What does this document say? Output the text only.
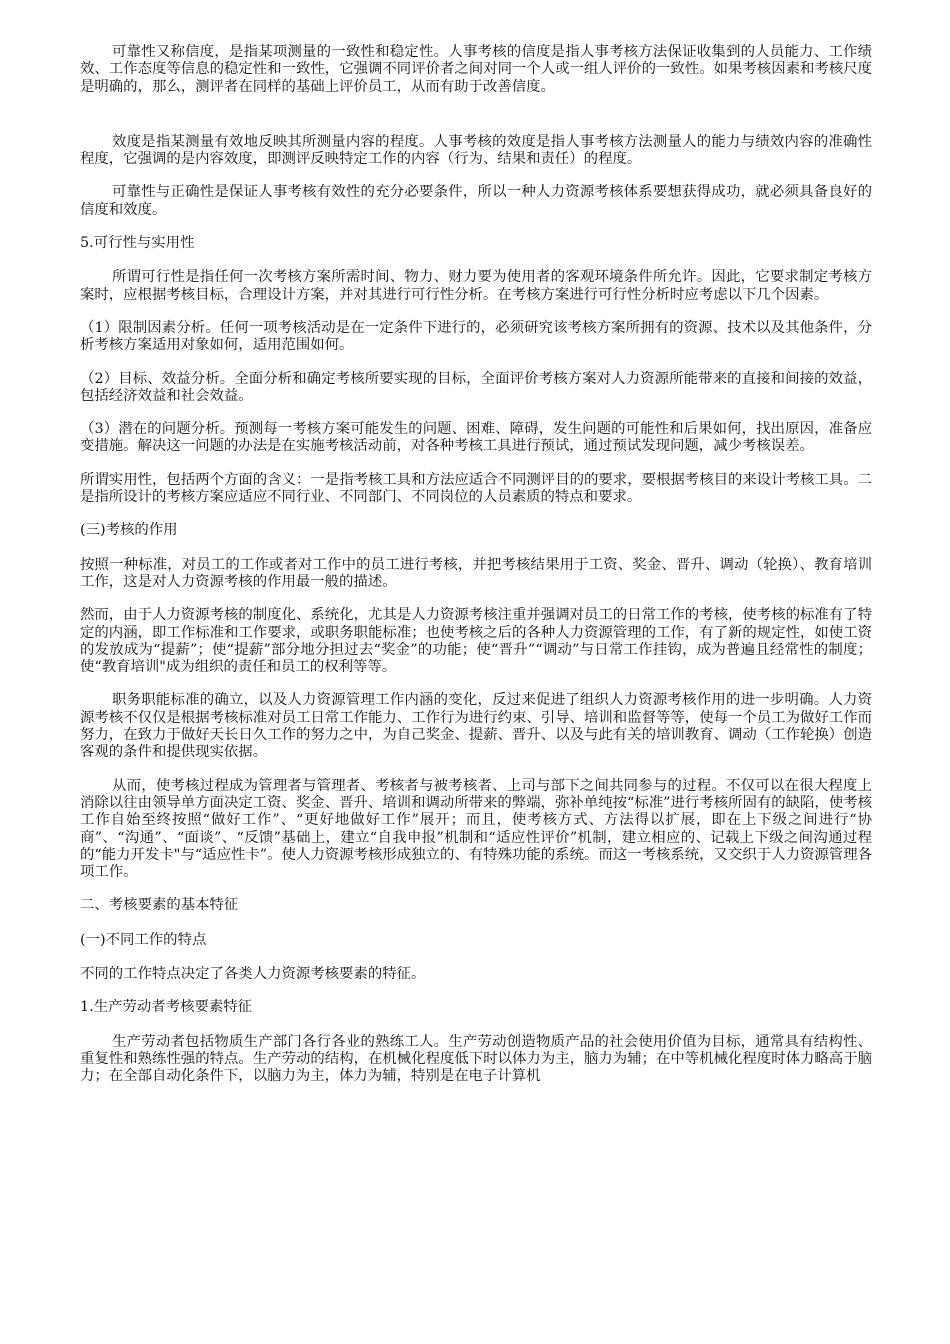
可靠性又称信度，是指某项测量的一致性和稳定性。人事考核的信度是指人事考核方法保证收集到的人员能力、工作绩效、工作态度等信息的稳定性和一致性，它强调不同评价者之间对同一个人或一组人评价的一致性。如果考核因素和考核尺度是明确的，那么，测评者在同样的基础上评价员工，从而有助于改善信度。

效度是指某测量有效地反映其所测量内容的程度。人事考核的效度是指人事考核方法测量人的能力与绩效内容的准确性程度，它强调的是内容效度，即测评反映特定工作的内容（行为、结果和责任）的程度。

可靠性与正确性是保证人事考核有效性的充分必要条件，所以一种人力资源考核体系要想获得成功，就必须具备良好的信度和效度。

5.可行性与实用性

所谓可行性是指任何一次考核方案所需时间、物力、财力要为使用者的客观环境条件所允许。因此，它要求制定考核方案时，应根据考核目标，合理设计方案，并对其进行可行性分析。在考核方案进行可行性分析时应考虑以下几个因素。

（1）限制因素分析。任何一项考核活动是在一定条件下进行的，必须研究该考核方案所拥有的资源、技术以及其他条件，分析考核方案适用对象如何，适用范围如何。

（2）目标、效益分析。全面分析和确定考核所要实现的目标，全面评价考核方案对人力资源所能带来的直接和间接的效益，包括经济效益和社会效益。

（3）潜在的问题分析。预测每一考核方案可能发生的问题、困难、障碍，发生问题的可能性和后果如何，找出原因，准备应变措施。解决这一问题的办法是在实施考核活动前，对各种考核工具进行预试，通过预试发现问题，减少考核误差。

所谓实用性，包括两个方面的含义：一是指考核工具和方法应适合不同测评目的的要求，要根据考核目的来设计考核工具。二是指所设计的考核方案应适应不同行业、不同部门、不同岗位的人员素质的特点和要求。

(三)考核的作用

按照一种标准，对员工的工作或者对工作中的员工进行考核，并把考核结果用于工资、奖金、晋升、调动（轮换）、教育培训工作，这是对人力资源考核的作用最一般的描述。

然而，由于人力资源考核的制度化、系统化，尤其是人力资源考核注重并强调对员工的日常工作的考核，使考核的标准有了特定的内涵，即工作标准和工作要求，或职务职能标准；也使考核之后的各种人力资源管理的工作，有了新的规定性，如使工资的发放成为“提薪”；使“提薪”部分地分担过去“奖金”的功能；使“晋升”“调动”与日常工作挂钩，成为普遍且经常性的制度；使“教育培训"成为组织的责任和员工的权利等等。

职务职能标准的确立，以及人力资源管理工作内涵的变化，反过来促进了组织人力资源考核作用的进一步明确。人力资源考核不仅仅是根据考核标准对员工日常工作能力、工作行为进行约束、引导、培训和监督等等，使每一个员工为做好工作而努力，在致力于做好天长日久工作的努力之中，为自己奖金、提薪、晋升、以及与此有关的培训教育、调动（工作轮换）创造客观的条件和提供现实依据。

从而，使考核过程成为管理者与管理者、考核者与被考核者、上司与部下之间共同参与的过程。不仅可以在很大程度上消除以往由领导单方面决定工资、奖金、晋升、培训和调动所带来的弊端，弥补单纯按“标准”进行考核所固有的缺陷，使考核工作自始至终按照“做好工作”、“更好地做好工作”展开；而且，使考核方式、方法得以扩展，即在上下级之间进行“协商”、“沟通”、“面谈”、“反馈”基础上，建立“自我申报”机制和“适应性评价”机制，建立相应的、记载上下级之间沟通过程的“能力开发卡"与“适应性卡”。使人力资源考核形成独立的、有特殊功能的系统。而这一考核系统，又交织于人力资源管理各项工作。

二、考核要素的基本特征

(一)不同工作的特点

不同的工作特点决定了各类人力资源考核要素的特征。

1.生产劳动者考核要素特征

生产劳动者包括物质生产部门各行各业的熟练工人。生产劳动创造物质产品的社会使用价值为目标，通常具有结构性、重复性和熟练性强的特点。生产劳动的结构，在机械化程度低下时以体力为主，脑力为辅；在中等机械化程度时体力略高于脑力；在全部自动化条件下，以脑力为主，体力为辅，特别是在电子计算机
